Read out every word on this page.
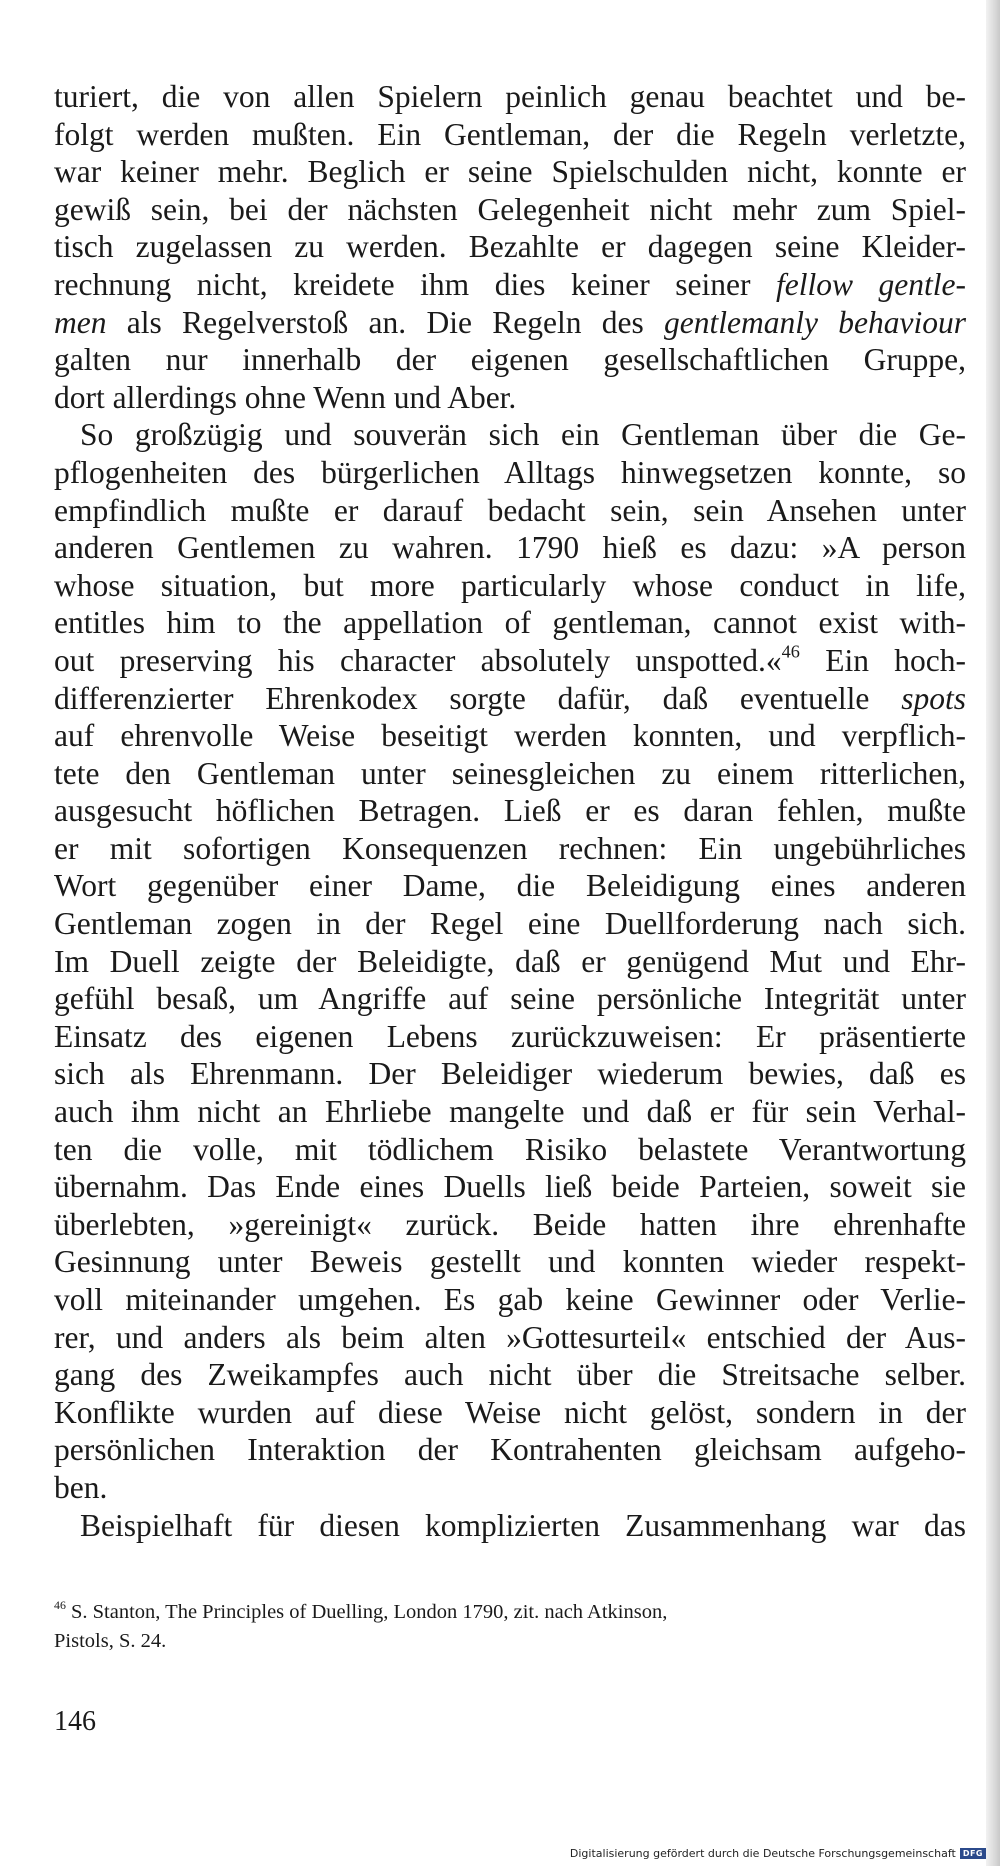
turiert, die von allen Spielern peinlich genau beachtet und be-
folgt werden mußten. Ein Gentleman, der die Regeln verletzte,
war keiner mehr. Beglich er seine Spielschulden nicht, konnte er
gewiß sein, bei der nächsten Gelegenheit nicht mehr zum Spiel-
tisch zugelassen zu werden. Bezahlte er dagegen seine Kleider-
rechnung nicht, kreidete ihm dies keiner seiner fellow gentle-
men als Regelverstoß an. Die Regeln des gentlemanly behaviour
galten nur innerhalb der eigenen gesellschaftlichen Gruppe,
dort allerdings ohne Wenn und Aber.
So großzügig und souverän sich ein Gentleman über die Ge-
pflogenheiten des bürgerlichen Alltags hinwegsetzen konnte, so
empfindlich mußte er darauf bedacht sein, sein Ansehen unter
anderen Gentlemen zu wahren. 1790 hieß es dazu: »A person
whose situation, but more particularly whose conduct in life,
entitles him to the appellation of gentleman, cannot exist with-
out preserving his character absolutely unspotted.«$^{46}$ Ein hoch-
differenzierter Ehrenkodex sorgte dafür, daß eventuelle spots
auf ehrenvolle Weise beseitigt werden konnten, und verpflich-
tete den Gentleman unter seinesgleichen zu einem ritterlichen,
ausgesucht höflichen Betragen. Ließ er es daran fehlen, mußte
er mit sofortigen Konsequenzen rechnen: Ein ungebührliches
Wort gegenüber einer Dame, die Beleidigung eines anderen
Gentleman zogen in der Regel eine Duellforderung nach sich.
Im Duell zeigte der Beleidigte, daß er genügend Mut und Ehr-
gefühl besaß, um Angriffe auf seine persönliche Integrität unter
Einsatz des eigenen Lebens zurückzuweisen: Er präsentierte
sich als Ehrenmann. Der Beleidiger wiederum bewies, daß es
auch ihm nicht an Ehrliebe mangelte und daß er für sein Verhal-
ten die volle, mit tödlichem Risiko belastete Verantwortung
übernahm. Das Ende eines Duells ließ beide Parteien, soweit sie
überlebten, »gereinigt« zurück. Beide hatten ihre ehrenhafte
Gesinnung unter Beweis gestellt und konnten wieder respekt-
voll miteinander umgehen. Es gab keine Gewinner oder Verlie-
rer, und anders als beim alten »Gottesurteil« entschied der Aus-
gang des Zweikampfes auch nicht über die Streitsache selber.
Konflikte wurden auf diese Weise nicht gelöst, sondern in der
persönlichen Interaktion der Kontrahenten gleichsam aufgeho-
ben.
Beispielhaft für diesen komplizierten Zusammenhang war das
$^{46}$ S. Stanton, The Principles of Duelling, London 1790, zit. nach Atkinson,
Pistols, S. 24.
146
Digitalisierung gefördert durch die Deutsche Forschungsgemeinschaft DFG
